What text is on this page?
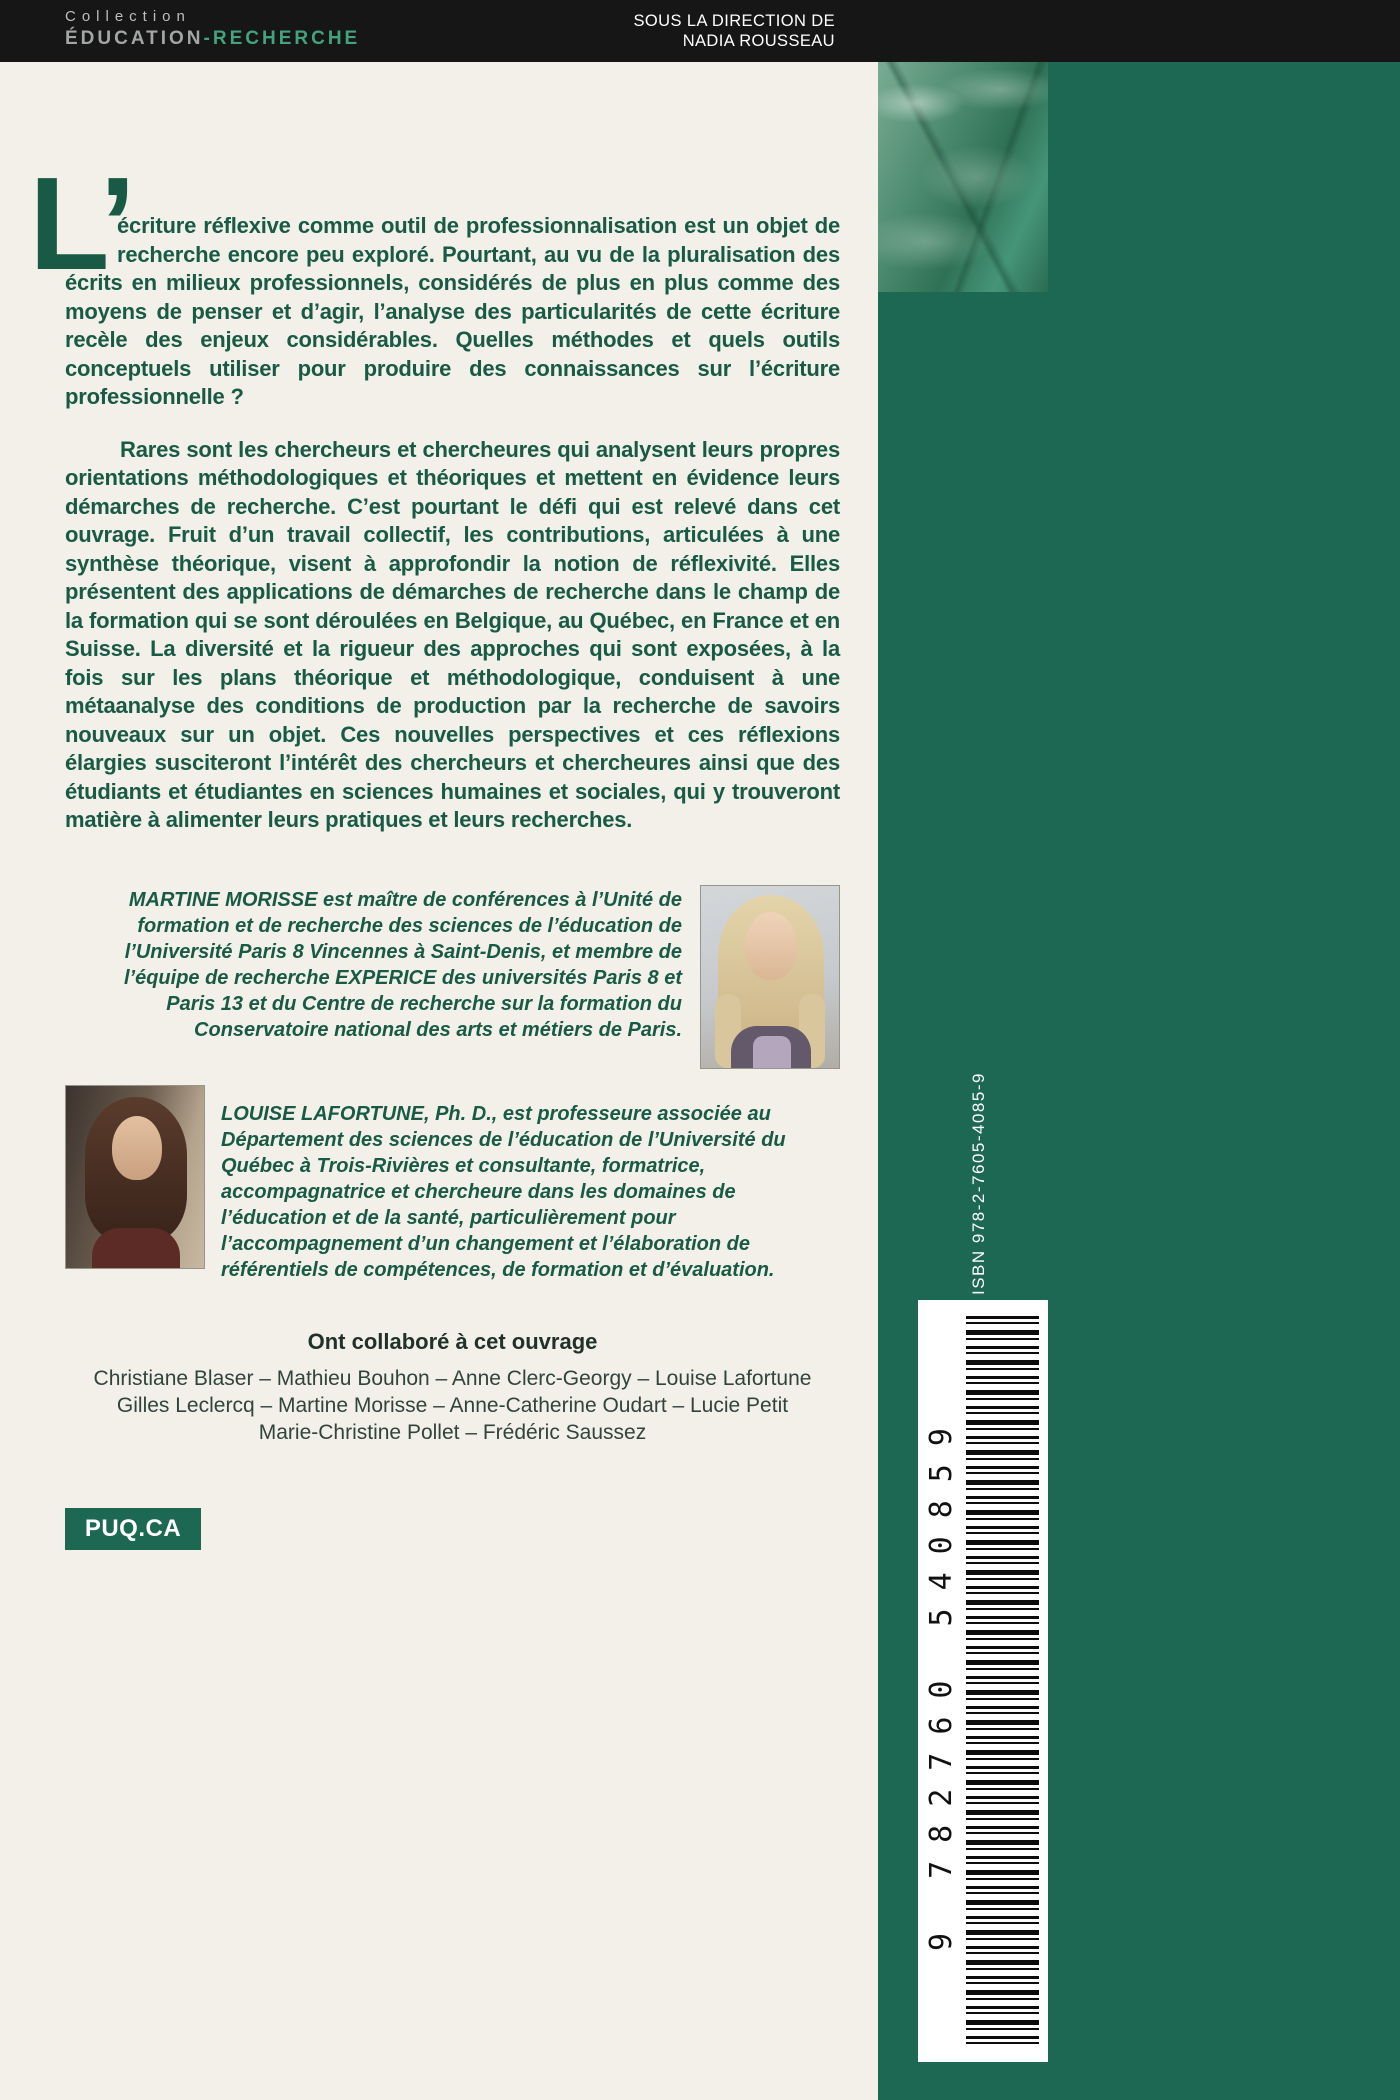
Collection
ÉDUCATION-RECHERCHE
SOUS LA DIRECTION DE
NADIA ROUSSEAU
ISBN 978-2-7605-4085-9
9 782760 540859

L’
écriture réflexive comme outil de professionnalisation est un objet de recherche encore peu exploré. Pourtant, au vu de la pluralisation des écrits en milieux professionnels, considérés de plus en plus comme des moyens de penser et d’agir, l’analyse des particularités de cette écriture recèle des enjeux considérables. Quelles méthodes et quels outils conceptuels utiliser pour produire des connaissances sur l’écriture professionnelle ?

Rares sont les chercheurs et chercheures qui analysent leurs propres orientations méthodologiques et théoriques et mettent en évidence leurs démarches de recherche. C’est pourtant le défi qui est relevé dans cet ouvrage. Fruit d’un travail collectif, les contributions, articulées à une synthèse théorique, visent à approfondir la notion de réflexivité. Elles présentent des applications de démarches de recherche dans le champ de la formation qui se sont déroulées en Belgique, au Québec, en France et en Suisse. La diversité et la rigueur des approches qui sont exposées, à la fois sur les plans théorique et méthodologique, conduisent à une métaanalyse des conditions de production par la recherche de savoirs nouveaux sur un objet. Ces nouvelles perspectives et ces réflexions élargies susciteront l’intérêt des chercheurs et chercheures ainsi que des étudiants et étudiantes en sciences humaines et sociales, qui y trouveront matière à alimenter leurs pratiques et leurs recherches.

MARTINE MORISSE est maître de conférences à l’Unité de formation et de recherche des sciences de l’éducation de l’Université Paris 8 Vincennes à Saint-Denis, et membre de l’équipe de recherche EXPERICE des universités Paris 8 et Paris 13 et du Centre de recherche sur la formation du Conservatoire national des arts et métiers de Paris.

LOUISE LAFORTUNE, Ph. D., est professeure associée au Département des sciences de l’éducation de l’Université du Québec à Trois-Rivières et consultante, formatrice, accompagnatrice et chercheure dans les domaines de l’éducation et de la santé, particulièrement pour l’accompagnement d’un changement et l’élaboration de référentiels de compétences, de formation et d’évaluation.

Ont collaboré à cet ouvrage
Christiane Blaser – Mathieu Bouhon – Anne Clerc-Georgy – Louise Lafortune
Gilles Leclercq – Martine Morisse – Anne-Catherine Oudart – Lucie Petit
Marie-Christine Pollet – Frédéric Saussez
PUQ.CA
